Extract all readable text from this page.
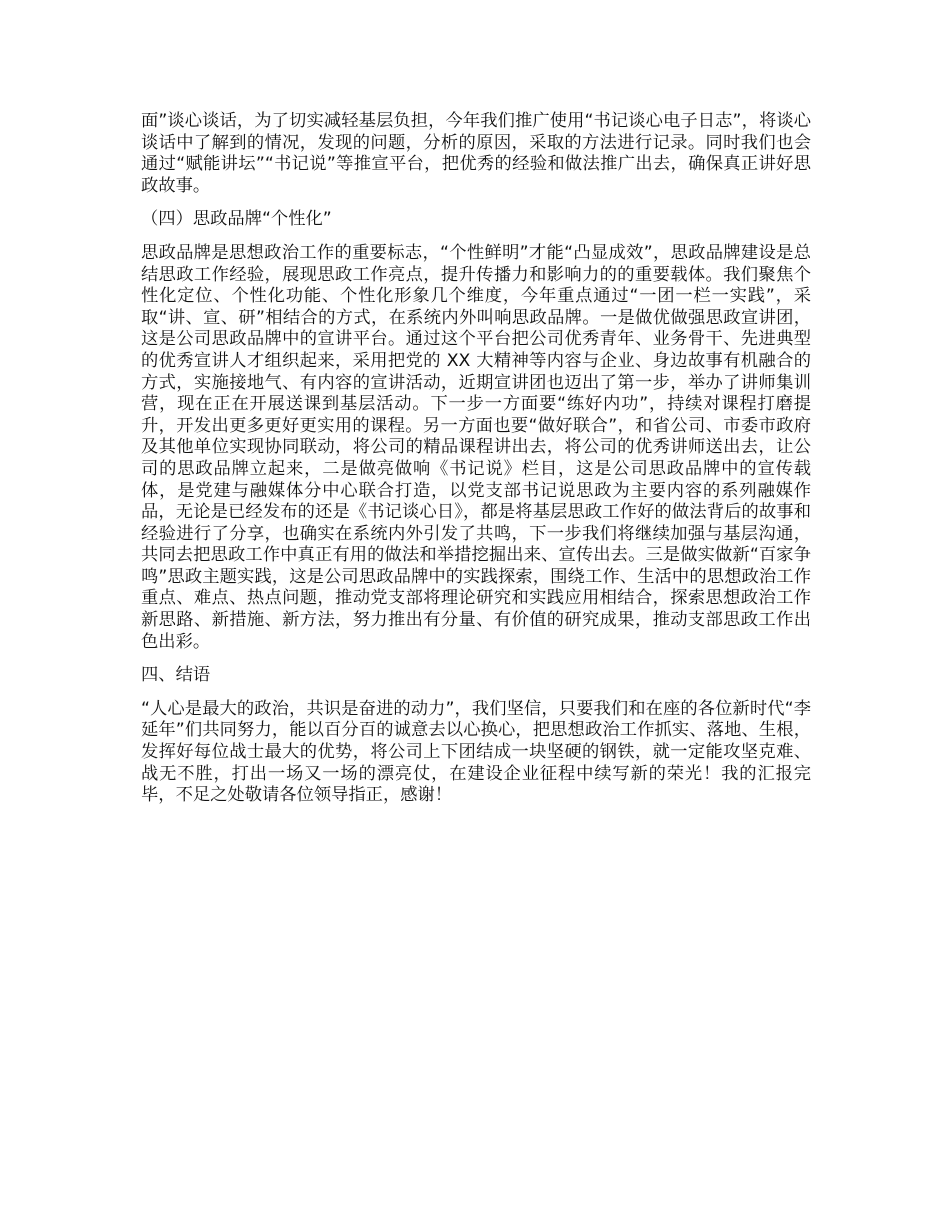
面”谈心谈话，为了切实减轻基层负担，今年我们推广使用“书记谈心电子日志”，将谈心谈话中了解到的情况，发现的问题，分析的原因，采取的方法进行记录。同时我们也会通过“赋能讲坛”“书记说”等推宣平台，把优秀的经验和做法推广出去，确保真正讲好思政故事。

（四）思政品牌“个性化”

思政品牌是思想政治工作的重要标志，“个性鲜明”才能“凸显成效”，思政品牌建设是总结思政工作经验，展现思政工作亮点，提升传播力和影响力的的重要载体。我们聚焦个性化定位、个性化功能、个性化形象几个维度，今年重点通过“一团一栏一实践”，采取“讲、宣、研”相结合的方式，在系统内外叫响思政品牌。一是做优做强思政宣讲团，这是公司思政品牌中的宣讲平台。通过这个平台把公司优秀青年、业务骨干、先进典型的优秀宣讲人才组织起来，采用把党的 XX 大精神等内容与企业、身边故事有机融合的方式，实施接地气、有内容的宣讲活动，近期宣讲团也迈出了第一步，举办了讲师集训营，现在正在开展送课到基层活动。下一步一方面要“练好内功”，持续对课程打磨提升，开发出更多更好更实用的课程。另一方面也要“做好联合”，和省公司、市委市政府及其他单位实现协同联动，将公司的精品课程讲出去，将公司的优秀讲师送出去，让公司的思政品牌立起来，二是做亮做响《书记说》栏目，这是公司思政品牌中的宣传载体，是党建与融媒体分中心联合打造，以党支部书记说思政为主要内容的系列融媒作品，无论是已经发布的还是《书记谈心日》，都是将基层思政工作好的做法背后的故事和经验进行了分享，也确实在系统内外引发了共鸣，下一步我们将继续加强与基层沟通，共同去把思政工作中真正有用的做法和举措挖掘出来、宣传出去。三是做实做新“百家争鸣”思政主题实践，这是公司思政品牌中的实践探索，围绕工作、生活中的思想政治工作重点、难点、热点问题，推动党支部将理论研究和实践应用相结合，探索思想政治工作新思路、新措施、新方法，努力推出有分量、有价值的研究成果，推动支部思政工作出色出彩。

四、结语

“人心是最大的政治，共识是奋进的动力”，我们坚信，只要我们和在座的各位新时代“李延年”们共同努力，能以百分百的诚意去以心换心，把思想政治工作抓实、落地、生根，发挥好每位战士最大的优势，将公司上下团结成一块坚硬的钢铁，就一定能攻坚克难、战无不胜，打出一场又一场的漂亮仗，在建设企业征程中续写新的荣光！我的汇报完毕，不足之处敬请各位领导指正，感谢！
